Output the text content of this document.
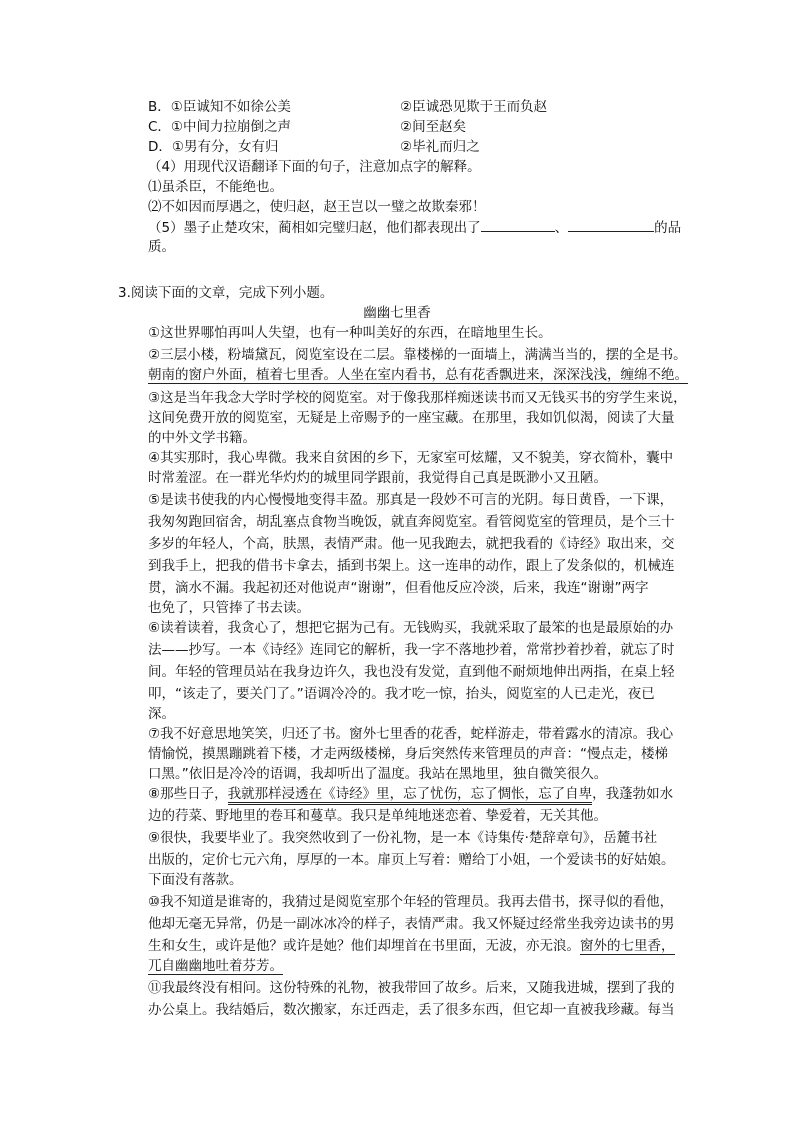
B．①臣诚知不如徐公美	②臣诚恐见欺于王而负赵
C．①中间力拉崩倒之声	②间至赵矣
D．①男有分，女有归	②毕礼而归之
（4）用现代汉语翻译下面的句子，注意加点字的解释。
⑴虽杀臣，不能绝也。
⑵不如因而厚遇之，使归赵，赵王岂以一璧之故欺秦邪！
（5）墨子止楚攻宋，蔺相如完璧归赵，他们都表现出了	、	的品
质。
3.阅读下面的文章，完成下列小题。
幽幽七里香
①这世界哪怕再叫人失望，也有一种叫美好的东西，在暗地里生长。
②三层小楼，粉墙黛瓦，阅览室设在二层。靠楼梯的一面墙上，满满当当的，摆的全是书。
朝南的窗户外面，植着七里香。人坐在室内看书，总有花香飘进来，深深浅浅，缠绵不绝。
③这是当年我念大学时学校的阅览室。对于像我那样痴迷读书而又无钱买书的穷学生来说，
这间免费开放的阅览室，无疑是上帝赐予的一座宝藏。在那里，我如饥似渴，阅读了大量
的中外文学书籍。
④其实那时，我心卑微。我来自贫困的乡下，无家室可炫耀，又不貌美，穿衣简朴，囊中
时常羞涩。在一群光华灼灼的城里同学跟前，我觉得自己真是既渺小又丑陋。
⑤是读书使我的内心慢慢地变得丰盈。那真是一段妙不可言的光阴。每日黄昏，一下课，
我匆匆跑回宿舍，胡乱塞点食物当晚饭，就直奔阅览室。看管阅览室的管理员，是个三十
多岁的年轻人，个高，肤黑，表情严肃。他一见我跑去，就把我看的《诗经》取出来，交
到我手上，把我的借书卡拿去，插到书架上。这一连串的动作，跟上了发条似的，机械连
贯，滴水不漏。我起初还对他说声“谢谢”，但看他反应冷淡，后来，我连“谢谢”两字
也免了，只管捧了书去读。
⑥读着读着，我贪心了，想把它据为己有。无钱购买，我就采取了最笨的也是最原始的办
法——抄写。一本《诗经》连同它的解析，我一字不落地抄着，常常抄着抄着，就忘了时
间。年轻的管理员站在我身边许久，我也没有发觉，直到他不耐烦地伸出两指，在桌上轻
叩，“该走了，要关门了。”语调冷冷的。我才吃一惊，抬头，阅览室的人已走光，夜已
深。
⑦我不好意思地笑笑，归还了书。窗外七里香的花香，蛇样游走，带着露水的清凉。我心
情愉悦，摸黑蹦跳着下楼，才走两级楼梯，身后突然传来管理员的声音：“慢点走，楼梯
口黑。”依旧是冷冷的语调，我却听出了温度。我站在黑地里，独自微笑很久。
⑧那些日子，我就那样浸透在《诗经》里，忘了忧伤，忘了惆怅，忘了自卑，我蓬勃如水
边的荇菜、野地里的卷耳和蔓草。我只是单纯地迷恋着、挚爱着，无关其他。
⑨很快，我要毕业了。我突然收到了一份礼物，是一本《诗集传·楚辞章句》，岳麓书社
出版的，定价七元六角，厚厚的一本。扉页上写着：赠给丁小姐，一个爱读书的好姑娘。
下面没有落款。
⑩我不知道是谁寄的，我猜过是阅览室那个年轻的管理员。我再去借书，探寻似的看他，
他却无毫无异常，仍是一副冰冰冷的样子，表情严肃。我又怀疑过经常坐我旁边读书的男
生和女生，或许是他？或许是她？他们却埋首在书里面，无波，亦无浪。窗外的七里香，
兀自幽幽地吐着芬芳。
⑪我最终没有相问。这份特殊的礼物，被我带回了故乡。后来，又随我进城，摆到了我的
办公桌上。我结婚后，数次搬家，东迁西走，丢了很多东西，但它却一直被我珍藏。每当
